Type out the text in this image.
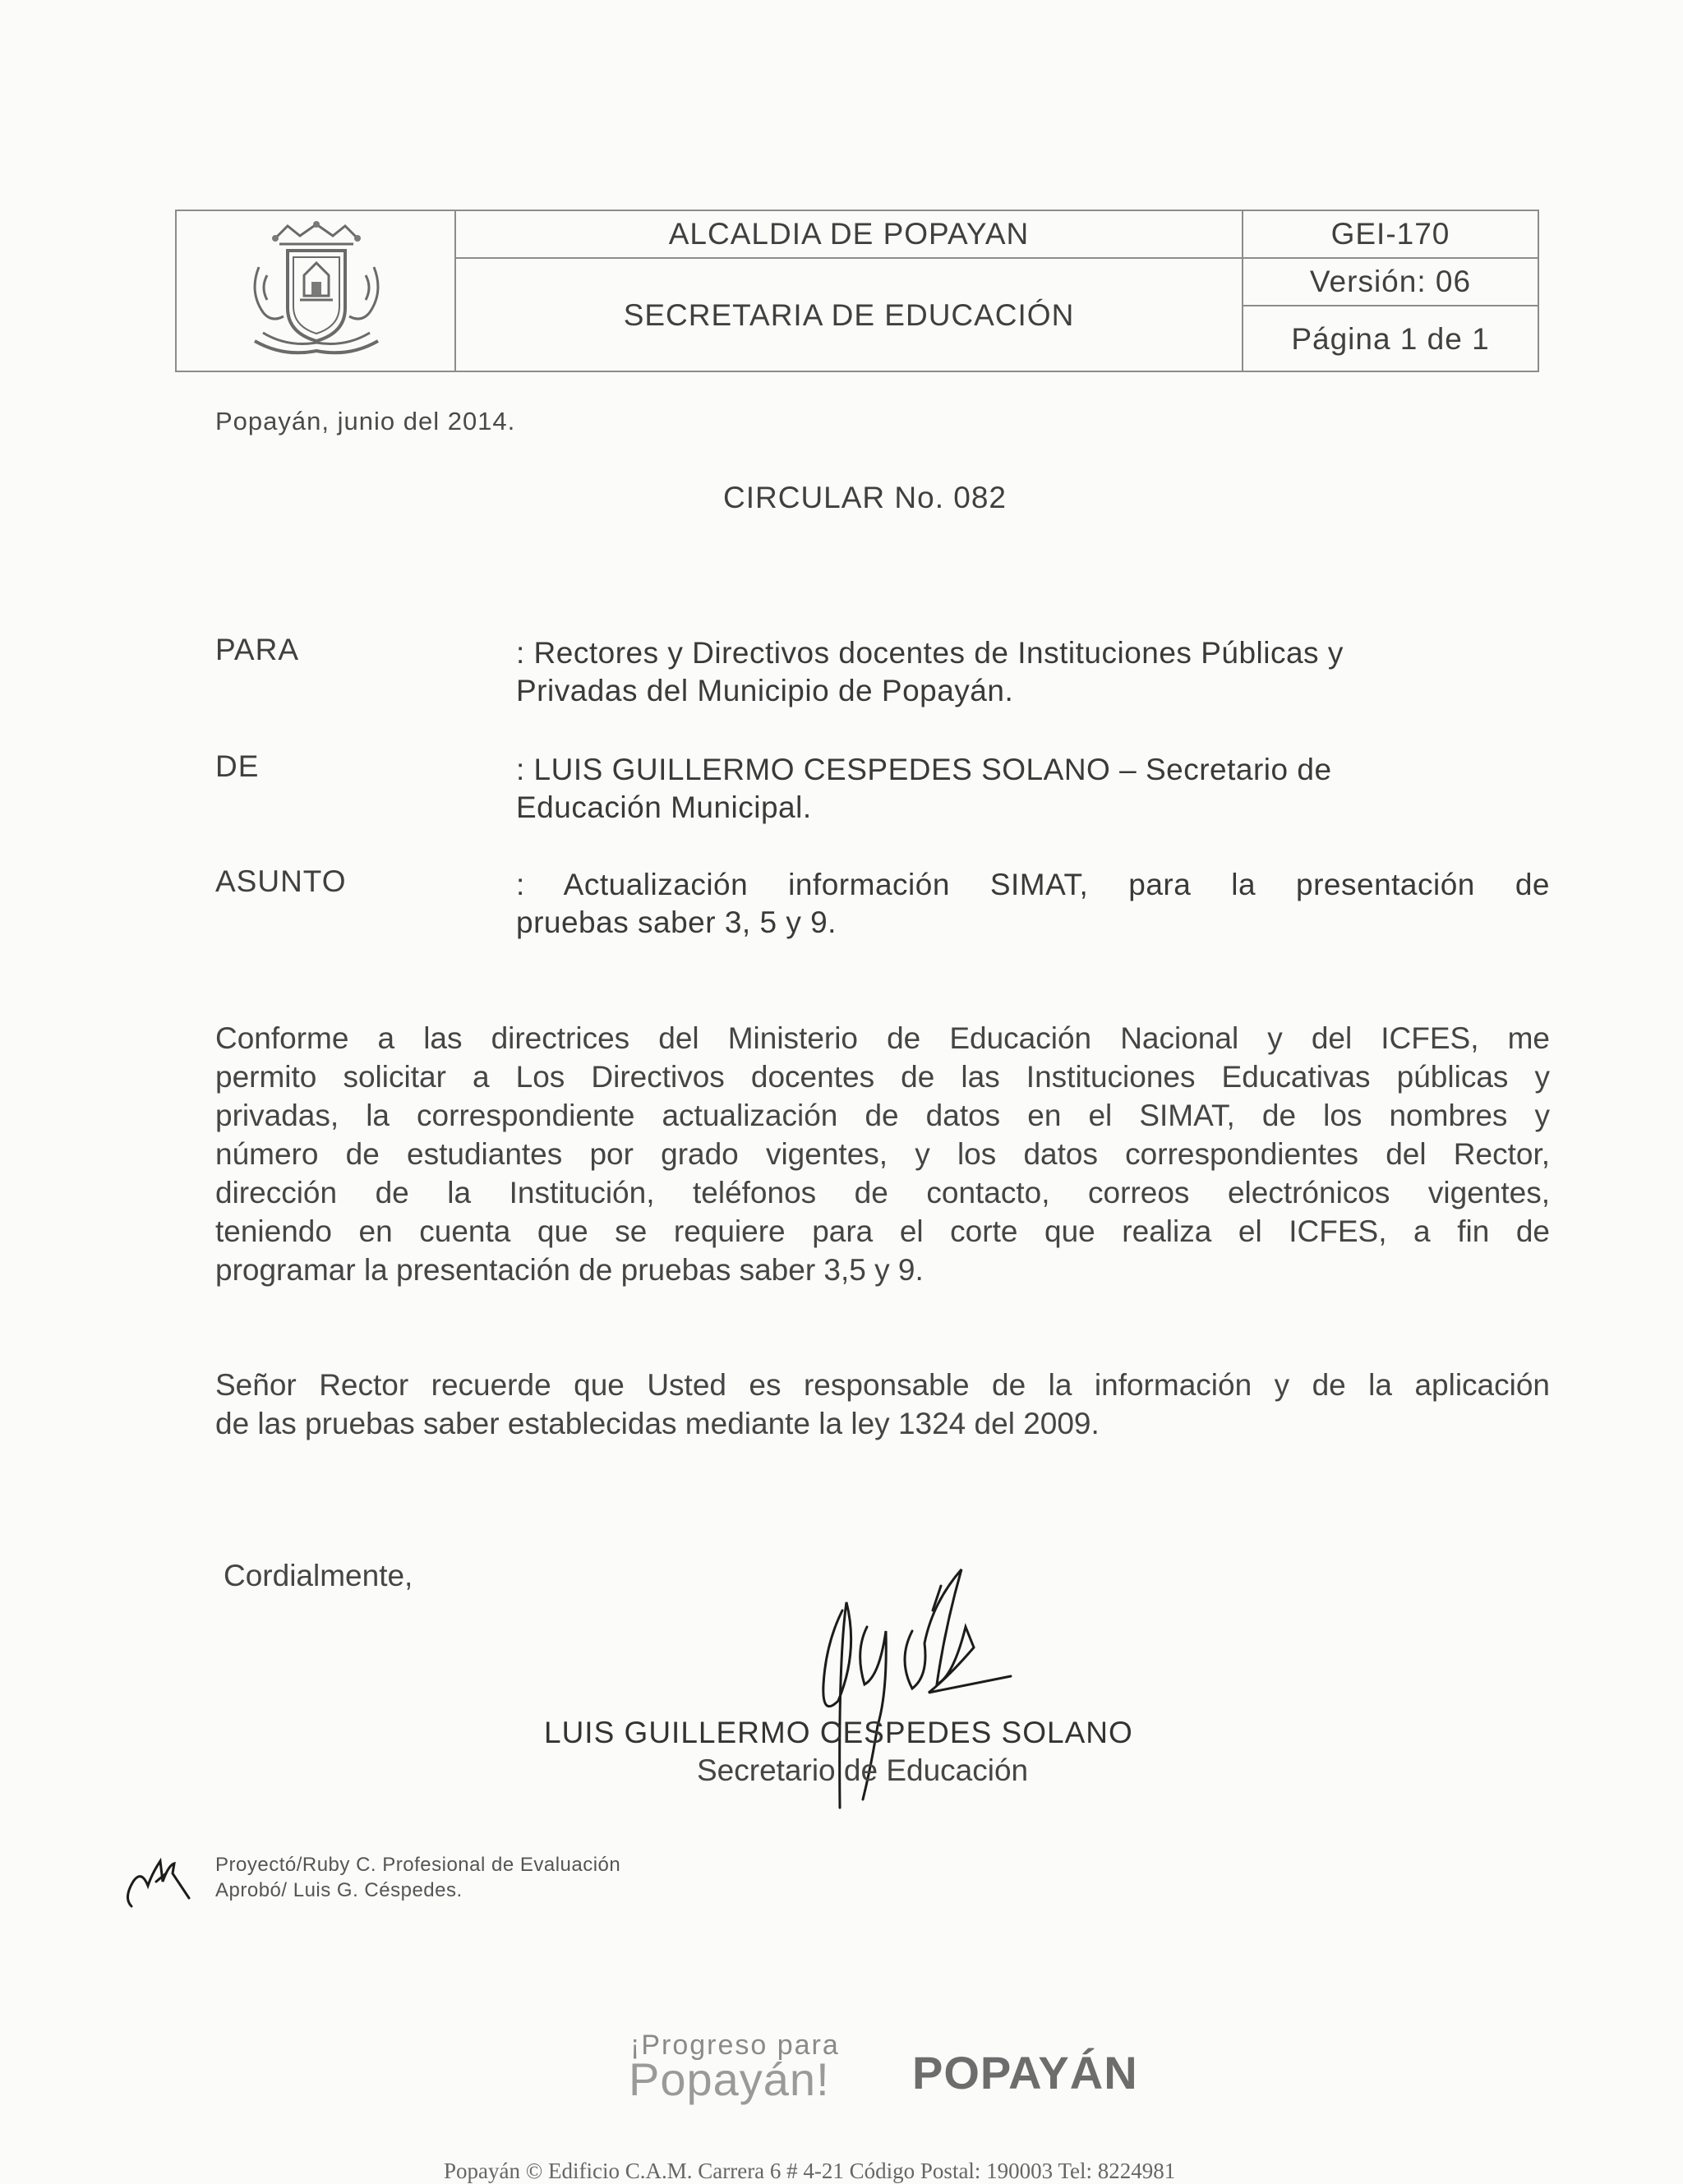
ALCALDIA DE POPAYAN
SECRETARIA DE EDUCACIÓN
GEI-170
Versión: 06
Página 1 de 1
Popayán, junio del 2014.
CIRCULAR No. 082
PARA	: Rectores y Directivos docentes de Instituciones Públicas y
Privadas del Municipio de Popayán.
DE	: LUIS GUILLERMO CESPEDES SOLANO – Secretario de
Educación Municipal.
ASUNTO	: Actualización información SIMAT, para la presentación de
pruebas saber 3, 5 y 9.
Conforme a las directrices del Ministerio de Educación Nacional y del ICFES, me
permito solicitar a Los Directivos docentes de las Instituciones Educativas públicas y
privadas, la correspondiente actualización de datos en el SIMAT, de los nombres y
número de estudiantes por grado vigentes, y los datos correspondientes del Rector,
dirección de la Institución, teléfonos de contacto, correos electrónicos vigentes,
teniendo en cuenta que se requiere para el corte que realiza el ICFES, a fin de
programar la presentación de pruebas saber 3,5 y 9.
Señor Rector recuerde que Usted es responsable de la información y de la aplicación
de las pruebas saber establecidas mediante la ley 1324 del 2009.
Cordialmente,
LUIS GUILLERMO CESPEDES SOLANO
Secretario de Educación
Proyectó/Ruby C. Profesional de Evaluación
Aprobó/ Luis G. Céspedes.
¡Progreso para
Popayán! POPAYÁN
Popayán © Edificio C.A.M. Carrera 6 # 4-21 Código Postal: 190003 Tel: 8224981
